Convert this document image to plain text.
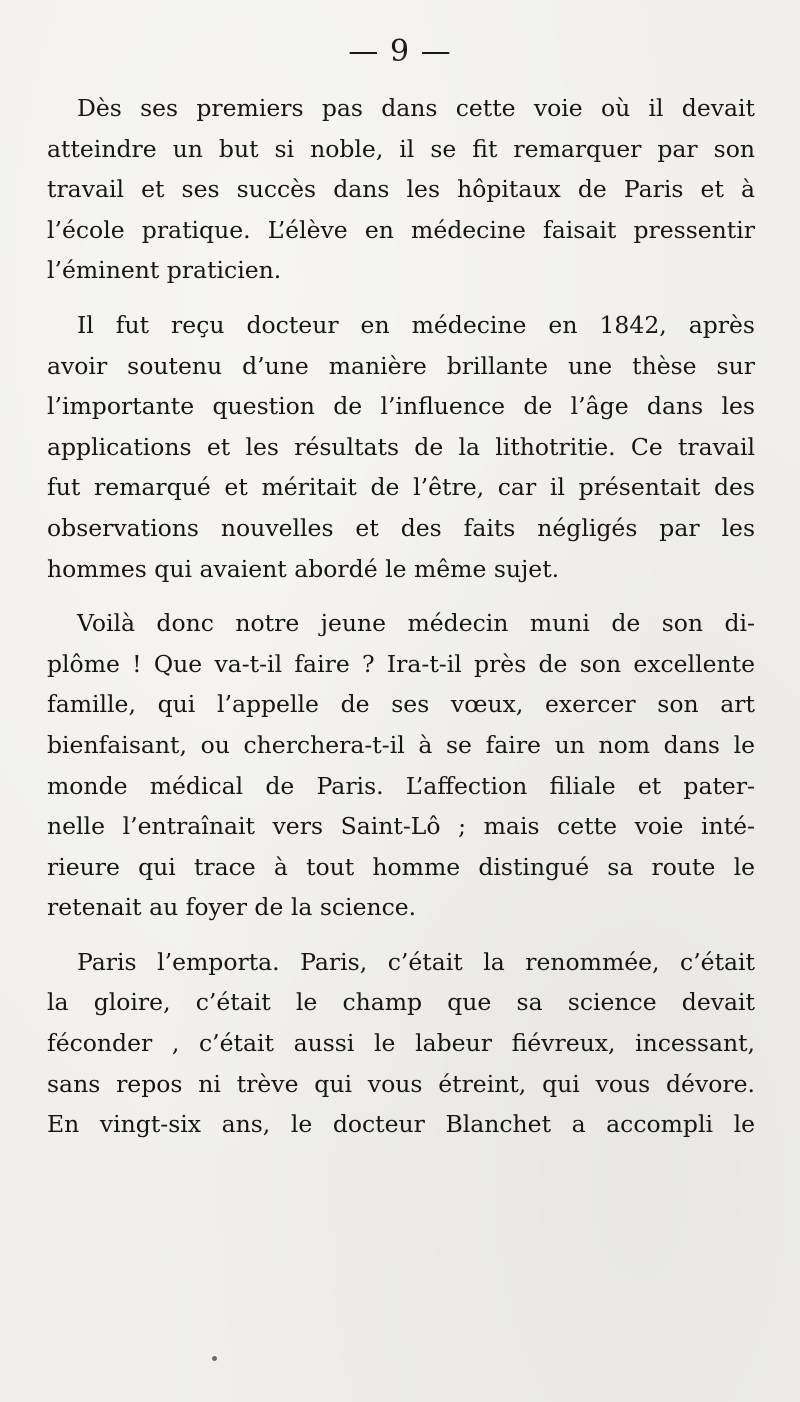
— 9 —

Dès ses premiers pas dans cette voie où il devait
atteindre un but si noble, il se fit remarquer par son
travail et ses succès dans les hôpitaux de Paris et à
l’école pratique. L’élève en médecine faisait pressentir
l’éminent praticien.

Il fut reçu docteur en médecine en 1842, après
avoir soutenu d’une manière brillante une thèse sur
l’importante question de l’influence de l’âge dans les
applications et les résultats de la lithotritie. Ce travail
fut remarqué et méritait de l’être, car il présentait des
observations nouvelles et des faits négligés par les
hommes qui avaient abordé le même sujet.

Voilà donc notre jeune médecin muni de son di-
plôme ! Que va-t-il faire ? Ira-t-il près de son excellente
famille, qui l’appelle de ses vœux, exercer son art
bienfaisant, ou cherchera-t-il à se faire un nom dans le
monde médical de Paris. L’affection filiale et pater-
nelle l’entraînait vers Saint-Lô ; mais cette voie inté-
rieure qui trace à tout homme distingué sa route le
retenait au foyer de la science.

Paris l’emporta. Paris, c’était la renommée, c’était
la gloire, c’était le champ que sa science devait
féconder , c’était aussi le labeur fiévreux, incessant,
sans repos ni trève qui vous étreint, qui vous dévore.
En vingt-six ans, le docteur Blanchet a accompli le
